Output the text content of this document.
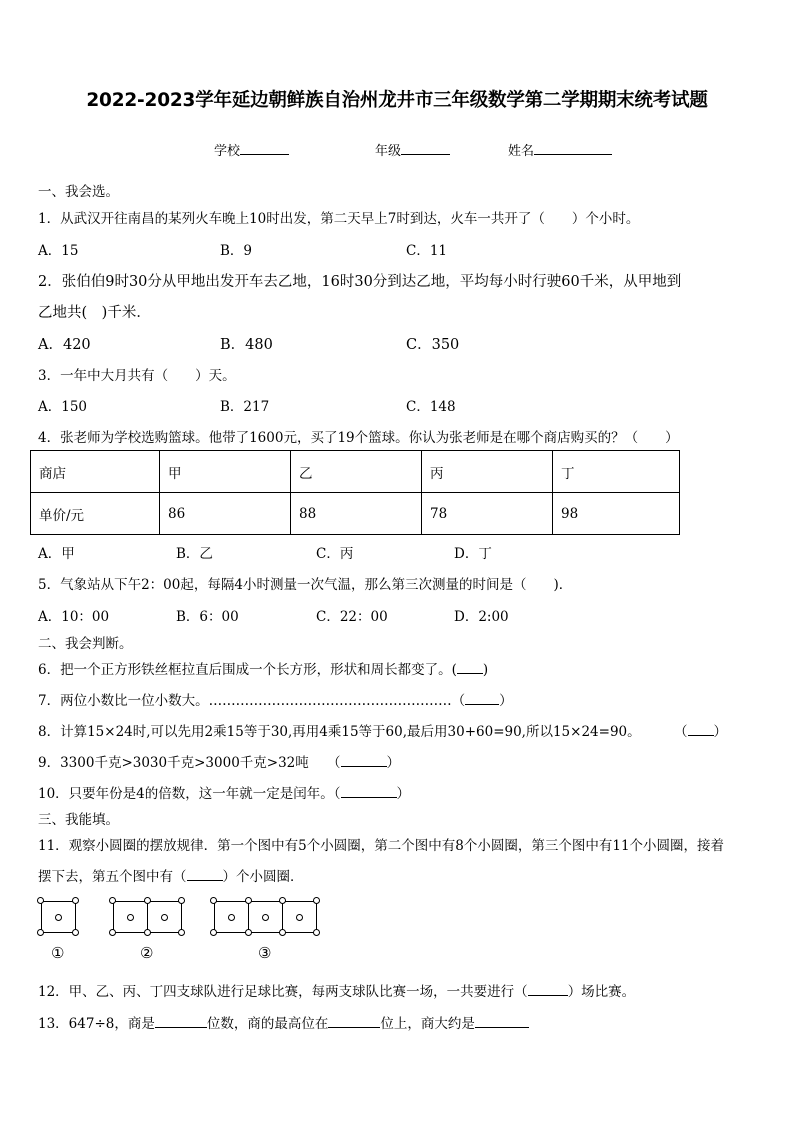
2022-2023学年延边朝鲜族自治州龙井市三年级数学第二学期期末统考试题
学校	年级	姓名
一、我会选。
1．从武汉开往南昌的某列火车晚上10时出发，第二天早上7时到达，火车一共开了（　　）个小时。
A．15	B．9	C．11
2．张伯伯9时30分从甲地出发开车去乙地，16时30分到达乙地，平均每小时行驶60千米，从甲地到
乙地共(　)千米．
A．420	B．480	C．350
3．一年中大月共有（　　）天。
A．150	B．217	C．148
4．张老师为学校选购篮球。他带了1600元，买了19个篮球。你认为张老师是在哪个商店购买的？（　　）
商店	甲	乙	丙	丁
单价/元	86	88	78	98
A．甲	B．乙	C．丙	D．丁
5．气象站从下午2：00起，每隔4小时测量一次气温，那么第三次测量的时间是（　　)．
A．10：00	B．6：00	C．22：00	D．2:00
二、我会判断。
6．把一个正方形铁丝框拉直后围成一个长方形，形状和周长都变了。( )
7．两位小数比一位小数大。………………………………………………（	）
8．计算15×24时,可以先用2乘15等于30,再用4乘15等于60,最后用30+60=90,所以15×24=90。 （ ）
9．3300千克>3030千克>3000千克>32吨 （	）
10．只要年份是4的倍数，这一年就一定是闰年。（	）
三、我能填。
11．观察小圆圈的摆放规律．第一个图中有5个小圆圈，第二个图中有8个小圆圈，第三个图中有11个小圆圈，接着
摆下去，第五个图中有（	）个小圆圈．
①	②	③
12．甲、乙、丙、丁四支球队进行足球比赛，每两支球队比赛一场，一共要进行（	）场比赛。
13．647÷8，商是	位数，商的最高位在	位上，商大约是
